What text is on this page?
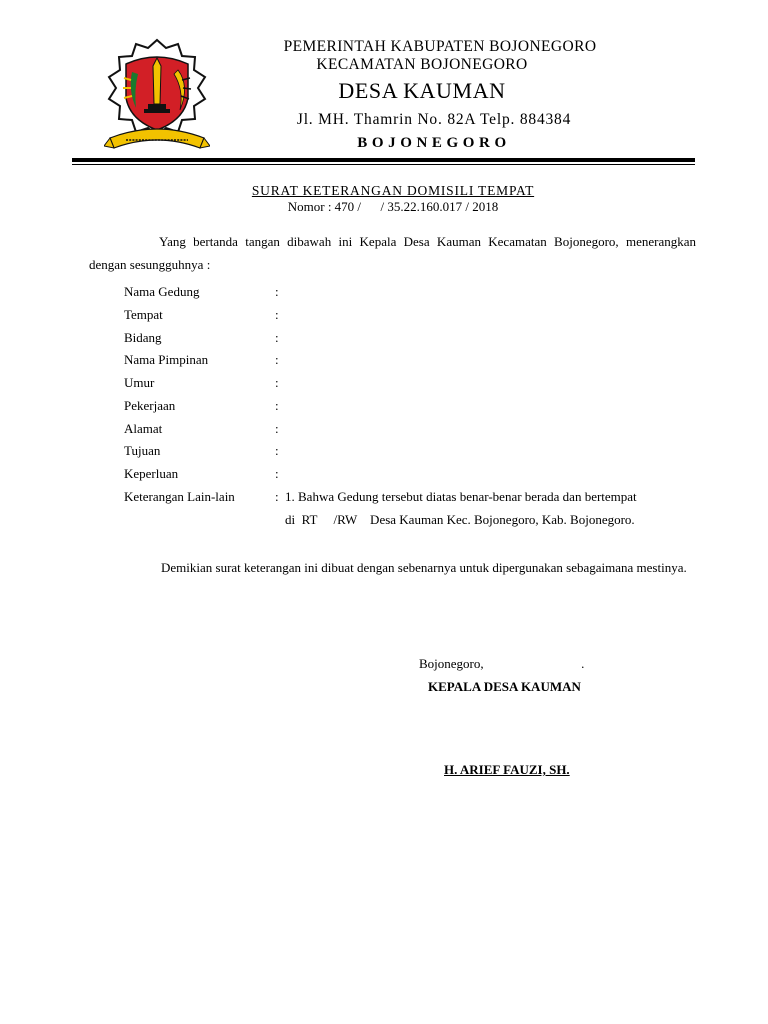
PEMERINTAH KABUPATEN BOJONEGORO
KECAMATAN BOJONEGORO
DESA KAUMAN
Jl. MH. Thamrin No. 82A Telp. 884384
BOJONEGORO
SURAT KETERANGAN DOMISILI TEMPAT
Nomor : 470 /      / 35.22.160.017 / 2018
Yang bertanda tangan dibawah ini Kepala Desa Kauman Kecamatan Bojonegoro, menerangkan dengan sesungguhnya :
Nama Gedung	:
Tempat	:
Bidang	:
Nama Pimpinan	:
Umur	:
Pekerjaan	:
Alamat	:
Tujuan	:
Keperluan	:
Keterangan Lain-lain	: 1. Bahwa Gedung tersebut diatas benar-benar berada dan bertempat
di  RT     /RW    Desa Kauman Kec. Bojonegoro, Kab. Bojonegoro.
Demikian surat keterangan ini dibuat dengan sebenarnya untuk dipergunakan sebagaimana mestinya.
Bojonegoro,                              .
KEPALA DESA KAUMAN
H. ARIEF FAUZI, SH.
